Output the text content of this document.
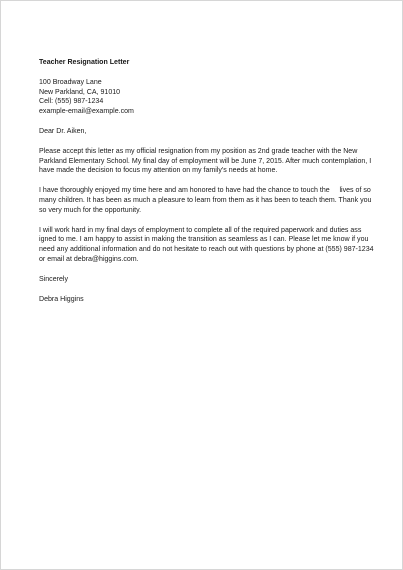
Teacher Resignation Letter
100 Broadway Lane
New Parkland, CA, 91010
Cell: (555) 987-1234
example-email@example.com
Dear Dr. Aiken,
Please accept this letter as my official resignation from my position as 2nd grade teacher with the New
Parkland Elementary School. My final day of employment will be June 7, 2015. After much contemplation, I
have made the decision to focus my attention on my family's needs at home.
I have thoroughly enjoyed my time here and am honored to have had the chance to touch the     lives of so
many children. It has been as much a pleasure to learn from them as it has been to teach them. Thank you
so very much for the opportunity.
I will work hard in my final days of employment to complete all of the required paperwork and duties ass
igned to me. I am happy to assist in making the transition as seamless as I can. Please let me know if you
need any additional information and do not hesitate to reach out with questions by phone at (555) 987-1234
or email at debra@higgins.com.
Sincerely
Debra Higgins
